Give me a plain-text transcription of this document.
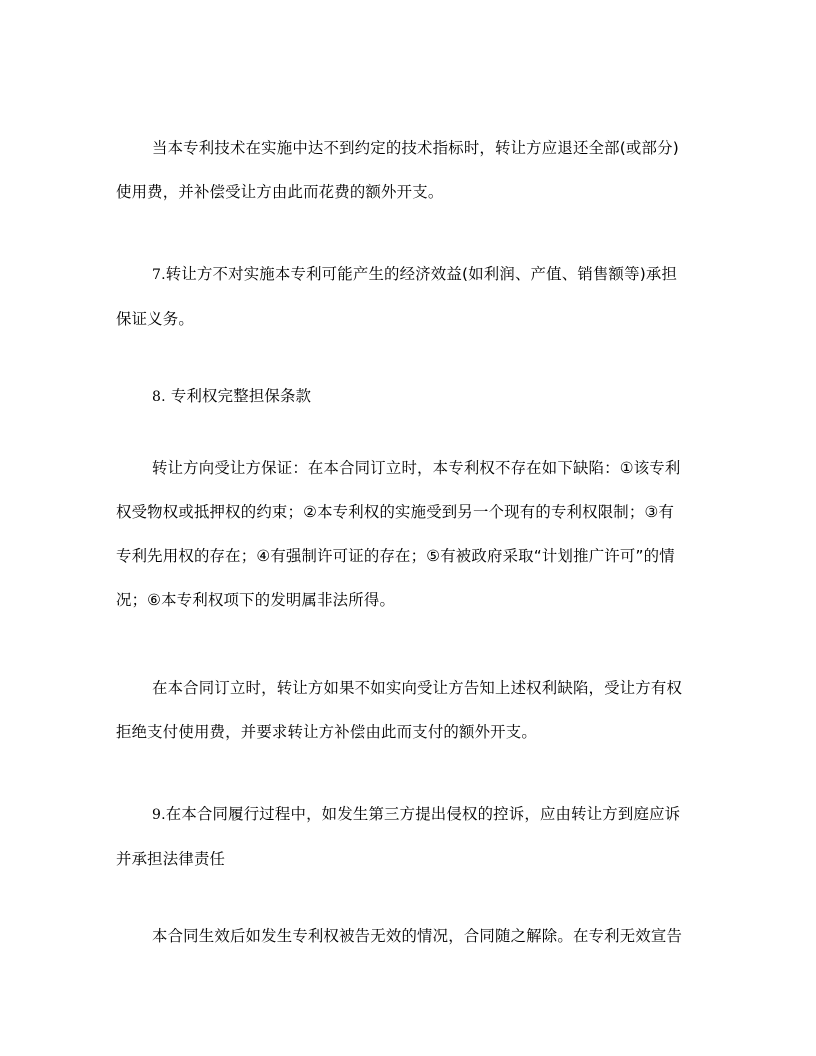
当本专利技术在实施中达不到约定的技术指标时，转让方应退还全部(或部分)
使用费，并补偿受让方由此而花费的额外开支。

7.转让方不对实施本专利可能产生的经济效益(如利润、产值、销售额等)承担
保证义务。

8. 专利权完整担保条款

转让方向受让方保证：在本合同订立时，本专利权不存在如下缺陷：①该专利
权受物权或抵押权的约束；②本专利权的实施受到另一个现有的专利权限制；③有
专利先用权的存在；④有强制许可证的存在；⑤有被政府采取“计划推广许可”的情
况；⑥本专利权项下的发明属非法所得。

在本合同订立时，转让方如果不如实向受让方告知上述权利缺陷，受让方有权
拒绝支付使用费，并要求转让方补偿由此而支付的额外开支。

9.在本合同履行过程中，如发生第三方提出侵权的控诉，应由转让方到庭应诉
并承担法律责任

本合同生效后如发生专利权被告无效的情况，合同随之解除。在专利无效宣告
